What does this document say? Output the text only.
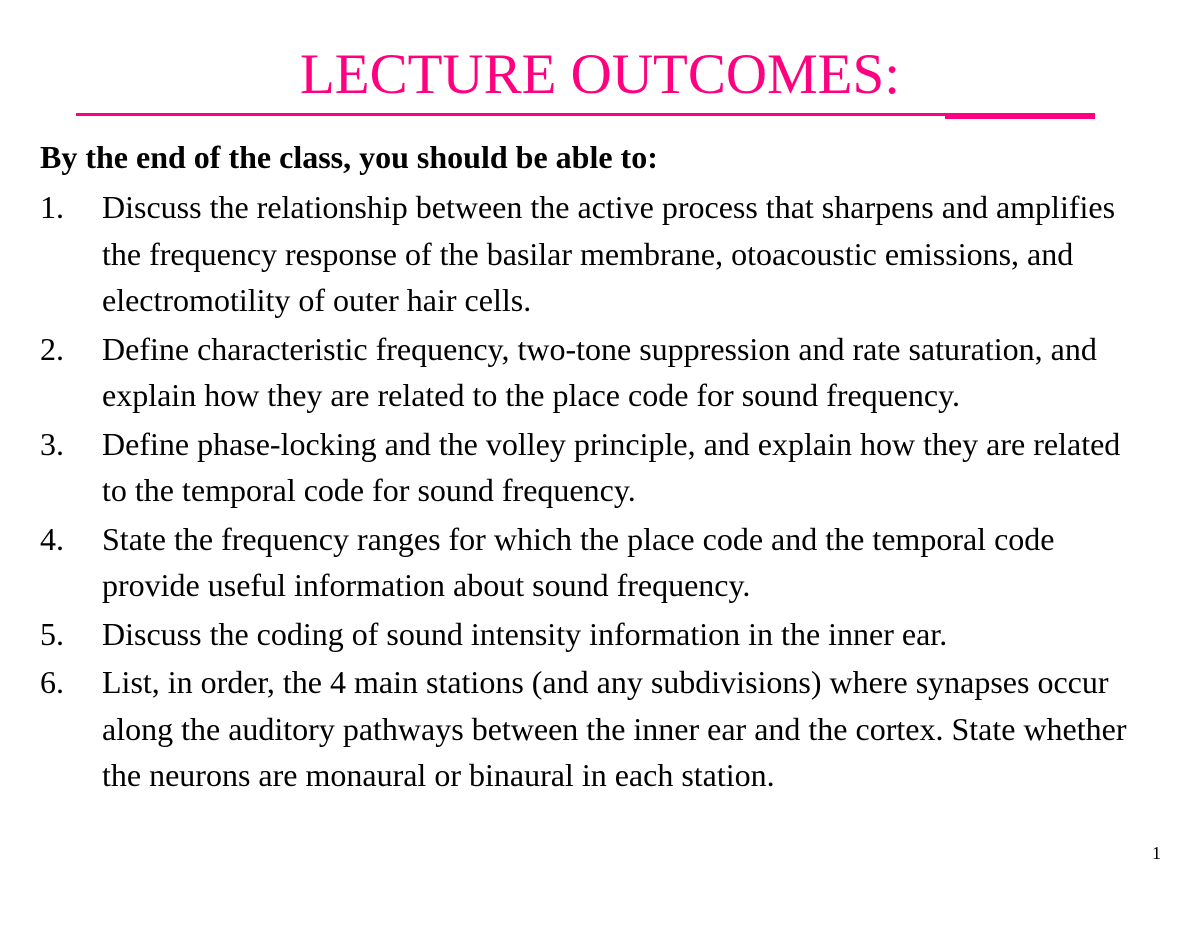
LECTURE OUTCOMES:

By the end of the class, you should be able to:

1. Discuss the relationship between the active process that sharpens and amplifies the frequency response of the basilar membrane, otoacoustic emissions, and electromotility of outer hair cells.
2. Define characteristic frequency, two-tone suppression and rate saturation, and explain how they are related to the place code for sound frequency.
3. Define phase-locking and the volley principle, and explain how they are related to the temporal code for sound frequency.
4. State the frequency ranges for which the place code and the temporal code provide useful information about sound frequency.
5. Discuss the coding of sound intensity information in the inner ear.
6. List, in order, the 4 main stations (and any subdivisions) where synapses occur along the auditory pathways between the inner ear and the cortex. State whether the neurons are monaural or binaural in each station.
1
